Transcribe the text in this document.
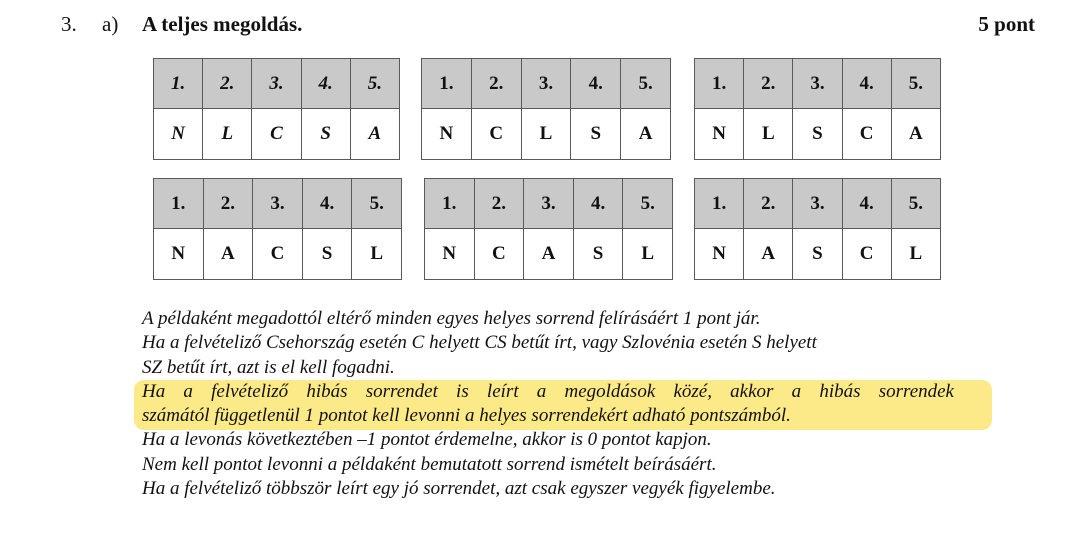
3. a) A teljes megoldás.	5 pont
1.	2.	3.	4.	5.
N	L	C	S	A
1.	2.	3.	4.	5.
N	C	L	S	A
1.	2.	3.	4.	5.
N	L	S	C	A
1.	2.	3.	4.	5.
N	A	C	S	L
1.	2.	3.	4.	5.
N	C	A	S	L
1.	2.	3.	4.	5.
N	A	S	C	L
A példaként megadottól eltérő minden egyes helyes sorrend felírásáért 1 pont jár.
Ha a felvételiző Csehország esetén C helyett CS betűt írt, vagy Szlovénia esetén S helyett
SZ betűt írt, azt is el kell fogadni.
Ha a felvételiző hibás sorrendet is leírt a megoldások közé, akkor a hibás sorrendek
számától függetlenül 1 pontot kell levonni a helyes sorrendekért adható pontszámból.
Ha a levonás következtében –1 pontot érdemelne, akkor is 0 pontot kapjon.
Nem kell pontot levonni a példaként bemutatott sorrend ismételt beírásáért.
Ha a felvételiző többször leírt egy jó sorrendet, azt csak egyszer vegyék figyelembe.
